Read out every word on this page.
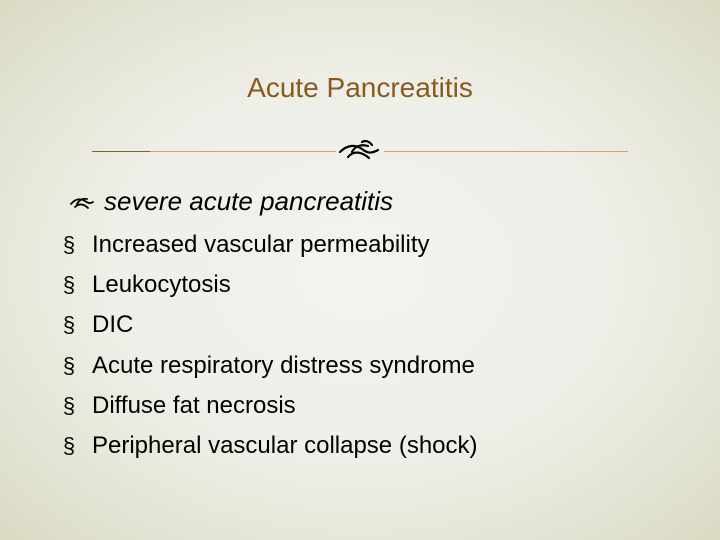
Acute Pancreatitis
severe acute pancreatitis
§ Increased vascular permeability
§ Leukocytosis
§ DIC
§ Acute respiratory distress syndrome
§ Diffuse fat necrosis
§ Peripheral vascular collapse (shock)
